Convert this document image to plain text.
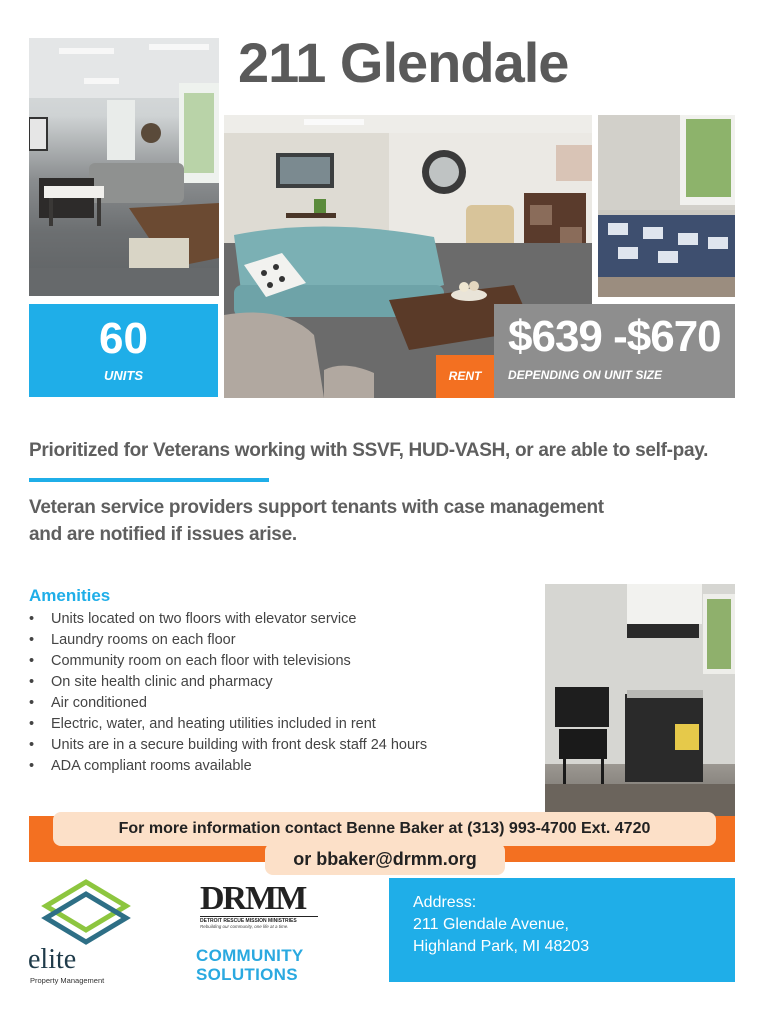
211 Glendale
60
UNITS	RENT
$639 -$670
DEPENDING ON UNIT SIZE

Prioritized for Veterans working with SSVF, HUD-VASH, or are able to self-pay.

Veteran service providers support tenants with case management and are notified if issues arise.

Amenities
• Units located on two floors with elevator service
• Laundry rooms on each floor
• Community room on each floor with televisions
• On site health clinic and pharmacy
• Air conditioned
• Electric, water, and heating utilities included in rent
• Units are in a secure building with front desk staff 24 hours
• ADA compliant rooms available
For more information contact Benne Baker at (313) 993-4700 Ext. 4720
or bbaker@drmm.org
elite
Property Management
DRMM
DETROIT RESCUE MISSION MINISTRIES
Rebuilding our community, one life at a time.
COMMUNITY
SOLUTIONS
Address:
211 Glendale Avenue,
Highland Park, MI 48203
